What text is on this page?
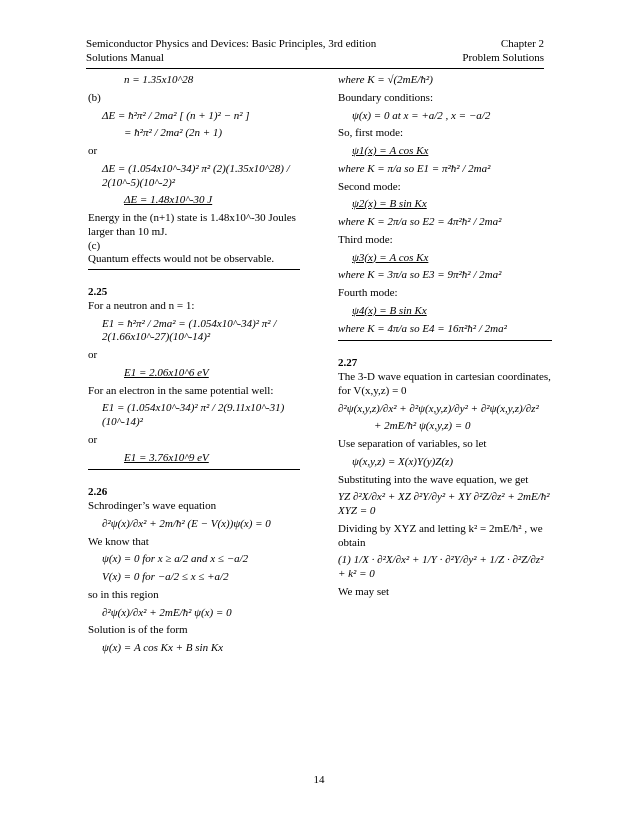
Semiconductor Physics and Devices: Basic Principles, 3rd edition	Chapter 2
Solutions Manual	Problem Solutions

n = 1.35x10^28

(b)

ΔE = ħ²π² / 2ma² [ (n + 1)² − n² ]

= ħ²π² / 2ma² (2n + 1)

or

ΔE = (1.054x10^-34)² π² (2)(1.35x10^28) / 2(10^-5)(10^-2)²

ΔE = 1.48x10^-30 J

Energy in the (n+1) state is 1.48x10^-30 Joules larger than 10 mJ.

(c)

Quantum effects would not be observable.

2.25

For a neutron and n = 1:

E1 = ħ²π² / 2ma² = (1.054x10^-34)² π² / 2(1.66x10^-27)(10^-14)²

or

E1 = 2.06x10^6 eV

For an electron in the same potential well:

E1 = (1.054x10^-34)² π² / 2(9.11x10^-31)(10^-14)²

or

E1 = 3.76x10^9 eV

2.26

Schrodinger’s wave equation

∂²ψ(x)/∂x² + 2m/ħ² (E − V(x))ψ(x) = 0

We know that

ψ(x) = 0 for x ≥ a/2 and x ≤ −a/2

V(x) = 0 for −a/2 ≤ x ≤ +a/2

so in this region

∂²ψ(x)/∂x² + 2mE/ħ² ψ(x) = 0

Solution is of the form

ψ(x) = A cos Kx + B sin Kx

where K = √(2mE/ħ²)

Boundary conditions:

ψ(x) = 0 at x = +a/2 , x = −a/2

So, first mode:

ψ1(x) = A cos Kx

where K = π/a so E1 = π²ħ² / 2ma²

Second mode:

ψ2(x) = B sin Kx

where K = 2π/a so E2 = 4π²ħ² / 2ma²

Third mode:

ψ3(x) = A cos Kx

where K = 3π/a so E3 = 9π²ħ² / 2ma²

Fourth mode:

ψ4(x) = B sin Kx

where K = 4π/a so E4 = 16π²ħ² / 2ma²

2.27

The 3-D wave equation in cartesian coordinates, for V(x,y,z) = 0

∂²ψ(x,y,z)/∂x² + ∂²ψ(x,y,z)/∂y² + ∂²ψ(x,y,z)/∂z²

+ 2mE/ħ² ψ(x,y,z) = 0

Use separation of variables, so let

ψ(x,y,z) = X(x)Y(y)Z(z)

Substituting into the wave equation, we get

YZ ∂²X/∂x² + XZ ∂²Y/∂y² + XY ∂²Z/∂z² + 2mE/ħ² XYZ = 0

Dividing by XYZ and letting k² = 2mE/ħ² , we

obtain

(1) 1/X · ∂²X/∂x² + 1/Y · ∂²Y/∂y² + 1/Z · ∂²Z/∂z² + k² = 0

We may set

14
